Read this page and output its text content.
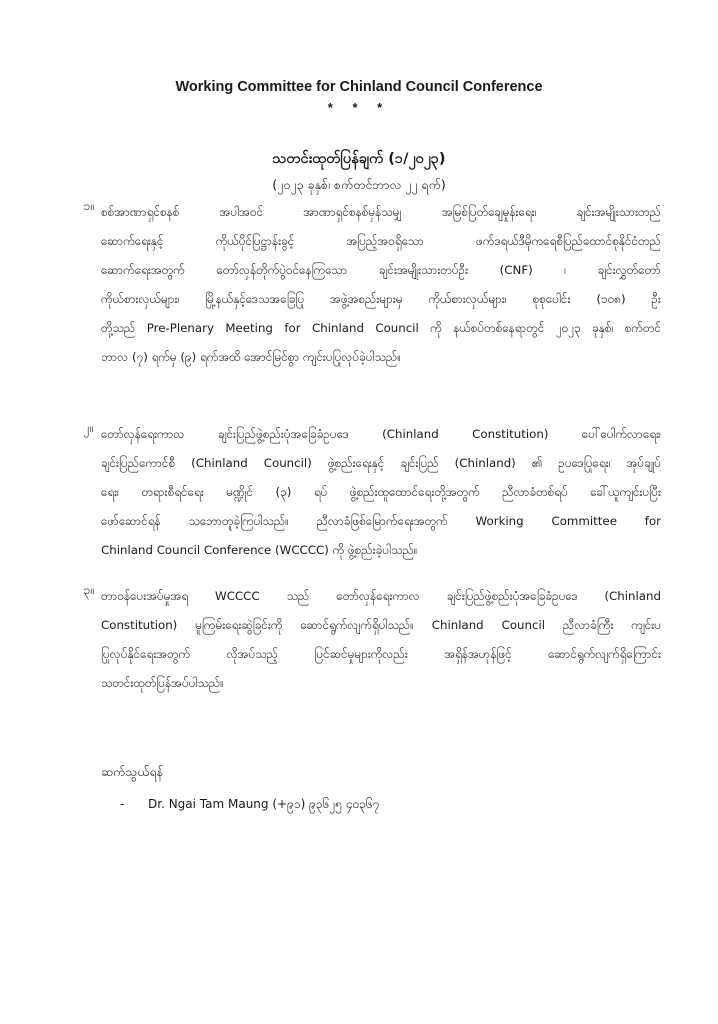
Working Committee for Chinland Council Conference
* * *
သတင်းထုတ်ပြန်ချက် (၁/၂၀၂၃)
(၂၀၂၃ ခုနှစ်၊ စက်တင်ဘာလ ၂၂ ရက်)
၁။ စစ်အာဏာရှင်စနစ် အပါအဝင် အာဏာရှင်စနစ်မှန်သမျှ အမြစ်ပြတ်ချေမှုန်းရေး၊ ချင်းအမျိုးသားတည်
ဆောက်ရေးနှင့် ကိုယ်ပိုင်ပြဋ္ဌာန်းခွင့် အပြည့်အဝရှိသော ဖက်ဒရယ်ဒီမိုကရေစီပြည်ထောင်စုနိုင်ငံတည်
ဆောက်ရေးအတွက် တော်လှန်တိုက်ပွဲဝင်နေကြသော ချင်းအမျိုးသားတပ်ဦး (CNF) ၊ ချင်းလွှတ်တော်
ကိုယ်စားလှယ်များ၊ မြို့နယ်နှင့်ဒေသအခြေပြု အဖွဲ့အစည်းများမှ ကိုယ်စားလှယ်များ၊ စုစုပေါင်း (၁၀၈) ဦး
တို့သည် Pre-Plenary Meeting for Chinland Council ကို နယ်စပ်တစ်နေရာတွင် ၂၀၂၃ ခုနှစ်၊ စက်တင်
ဘာလ (၇) ရက်မှ (၉) ရက်အထိ အောင်မြင်စွာ ကျင်းပပြုလုပ်ခဲ့ပါသည်။
၂။ တော်လှန်ရေးကာလ ချင်းပြည်ဖွဲ့စည်းပုံအခြေခံဥပဒေ (Chinland Constitution) ပေါ်ပေါက်လာရေး၊
ချင်းပြည်ကောင်စီ (Chinland Council) ဖွဲ့စည်းရေးနှင့် ချင်းပြည် (Chinland) ၏ ဥပဒေပြုရေး၊ အုပ်ချုပ်
ရေး၊ တရားစီရင်ရေး မဏ္ဍိုင် (၃) ရပ် ဖွဲ့စည်းထူထောင်ရေးတို့အတွက် ညီလာခံတစ်ရပ် ခေါ်ယူကျင်းပပြီး
ဖော်ဆောင်ရန် သဘောတူခဲ့ကြပါသည်။ ညီလာခံဖြစ်မြောက်ရေးအတွက် Working Committee for
Chinland Council Conference (WCCCC) ကို ဖွဲ့စည်းခဲ့ပါသည်။
၃။ တာဝန်ပေးအပ်မှုအရ WCCCC သည် တော်လှန်ရေးကာလ ချင်းပြည်ဖွဲ့စည်းပုံအခြေခံဥပဒေ (Chinland
Constitution) မူကြမ်းရေးဆွဲခြင်းကို ဆောင်ရွက်လျက်ရှိပါသည်။ Chinland Council ညီလာခံကြီး ကျင်းပ
ပြုလုပ်နိုင်ရေးအတွက် လိုအပ်သည့် ပြင်ဆင်မှုများကိုလည်း အရှိန်အဟုန်ဖြင့် ဆောင်ရွက်လျက်ရှိကြောင်း
သတင်းထုတ်ပြန်အပ်ပါသည်။
ဆက်သွယ်ရန်
- Dr. Ngai Tam Maung (+၉၁) ၉၃၆၂၅ ၄၀၃၆၇
